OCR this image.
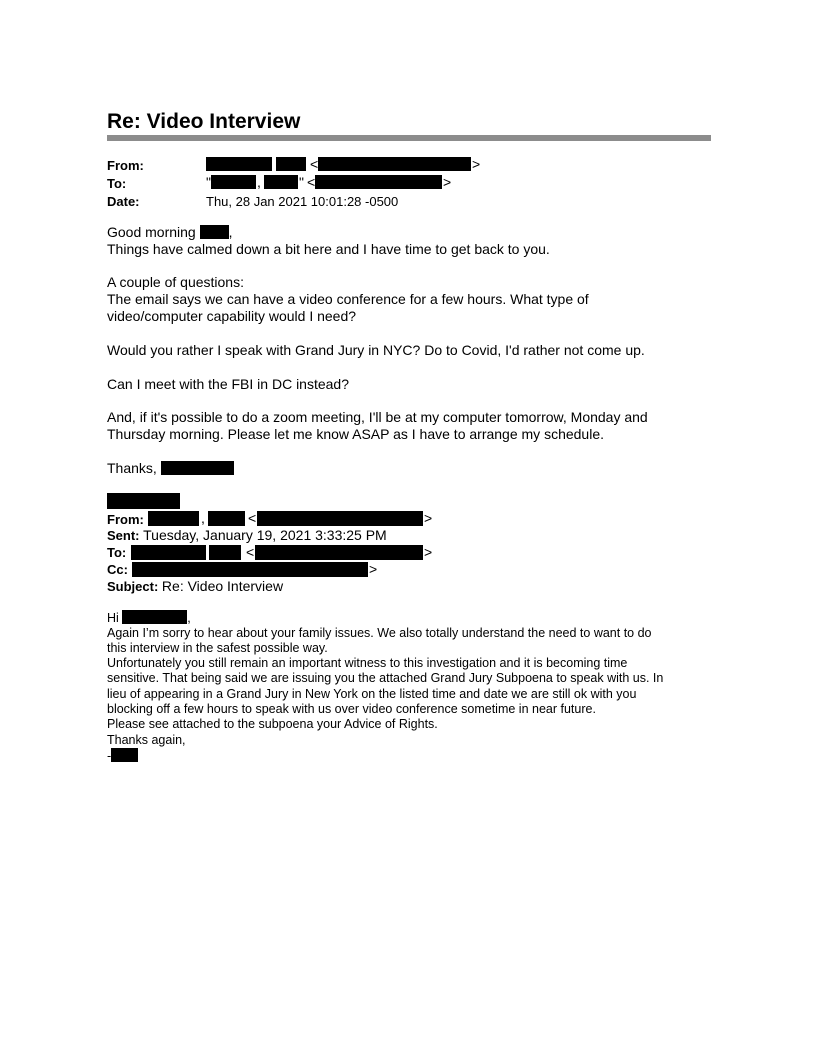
Re: Video Interview
From:	<	>
To:	"	,	" <	>
Date:	Thu, 28 Jan 2021 10:01:28 -0500
Good morning ,
Things have calmed down a bit here and I have time to get back to you.
A couple of questions:
The email says we can have a video conference for a few hours. What type of
video/computer capability would I need?
Would you rather I speak with Grand Jury in NYC? Do to Covid, I'd rather not come up.
Can I meet with the FBI in DC instead?
And, if it's possible to do a zoom meeting, I'll be at my computer tomorrow, Monday and
Thursday morning. Please let me know ASAP as I have to arrange my schedule.
Thanks,
From:	,	<	>
Sent: Tuesday, January 19, 2021 3:33:25 PM
To:	<	>
Cc:	>
Subject: Re: Video Interview
Hi	,
Again I’m sorry to hear about your family issues. We also totally understand the need to want to do
this interview in the safest possible way.
Unfortunately you still remain an important witness to this investigation and it is becoming time
sensitive. That being said we are issuing you the attached Grand Jury Subpoena to speak with us. In
lieu of appearing in a Grand Jury in New York on the listed time and date we are still ok with you
blocking off a few hours to speak with us over video conference sometime in near future.
Please see attached to the subpoena your Advice of Rights.
Thanks again,
-
